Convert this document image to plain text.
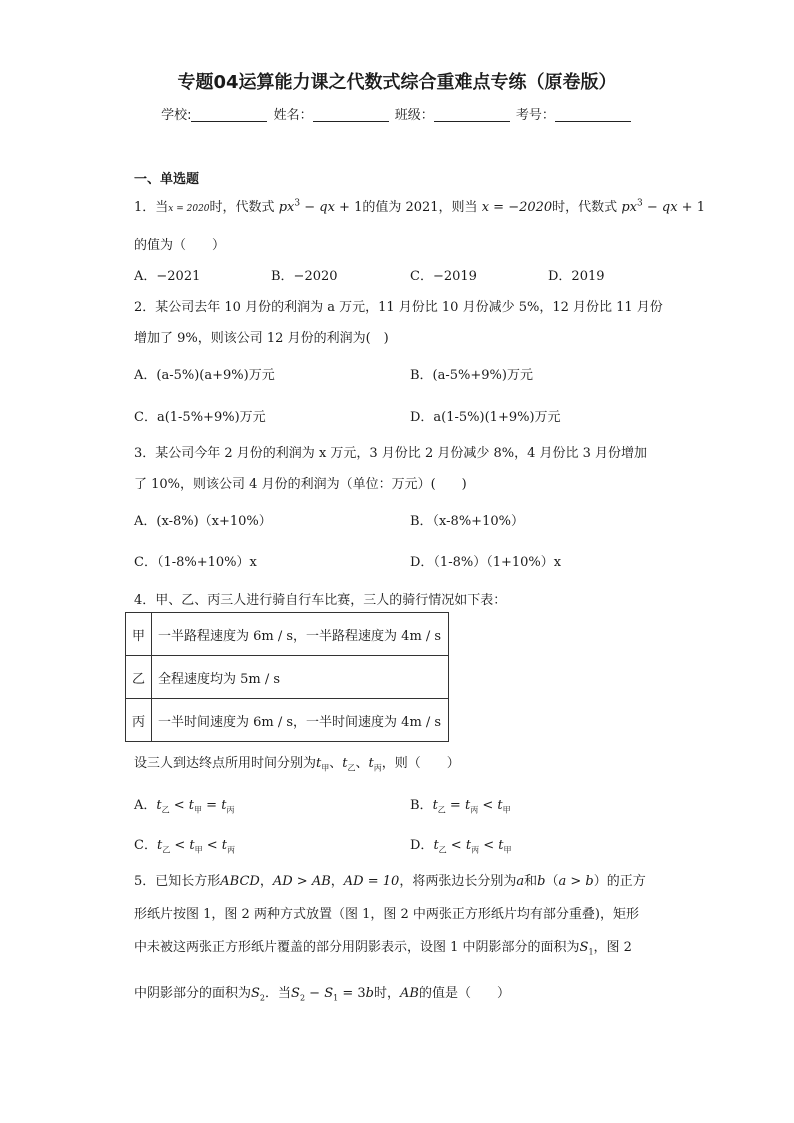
专题04运算能力课之代数式综合重难点专练（原卷版）
学校:	姓名：	班级：	考号：
一、单选题
1．当x = 2020时，代数式 $px^3$ − qx + 1的值为 2021，则当 x = −2020时，代数式 $px^3$ − qx + 1
的值为（　　）
A．−2021	B．−2020	C．−2019	D．2019
2．某公司去年 10 月份的利润为 a 万元，11 月份比 10 月份减少 5%，12 月份比 11 月份
增加了 9%，则该公司 12 月份的利润为(　)
A．(a-5%)(a+9%)万元	B．(a-5%+9%)万元
C．a(1-5%+9%)万元	D．a(1-5%)(1+9%)万元
3．某公司今年 2 月份的利润为 x 万元，3 月份比 2 月份减少 8%，4 月份比 3 月份增加
了 10%，则该公司 4 月份的利润为（单位：万元）(　　)
A．(x-8%)（x+10%）	B．（x-8%+10%）
C．（1-8%+10%）x	D．（1-8%）（1+10%）x
4．甲、乙、丙三人进行骑自行车比赛，三人的骑行情况如下表：
甲	一半路程速度为 6m / s，一半路程速度为 4m / s
乙	全程速度均为 5m / s
丙	一半时间速度为 6m / s，一半时间速度为 4m / s
设三人到达终点所用时间分别为$t_甲$、$t_乙$、$t_丙$，则（　　）
A．$t_乙 < t_甲 = t_丙$	B．$t_乙 = t_丙 < t_甲$
C．$t_乙 < t_甲 < t_丙$	D．$t_乙 < t_丙 < t_甲$
5．已知长方形ABCD，AD > AB，AD = 10，将两张边长分别为a和b（a > b）的正方
形纸片按图 1，图 2 两种方式放置（图 1，图 2 中两张正方形纸片均有部分重叠)，矩形
中未被这两张正方形纸片覆盖的部分用阴影表示，设图 1 中阴影部分的面积为$S_1$，图 2
中阴影部分的面积为$S_2$．当$S_2 - S_1 = 3b$时，AB的值是（　　）
